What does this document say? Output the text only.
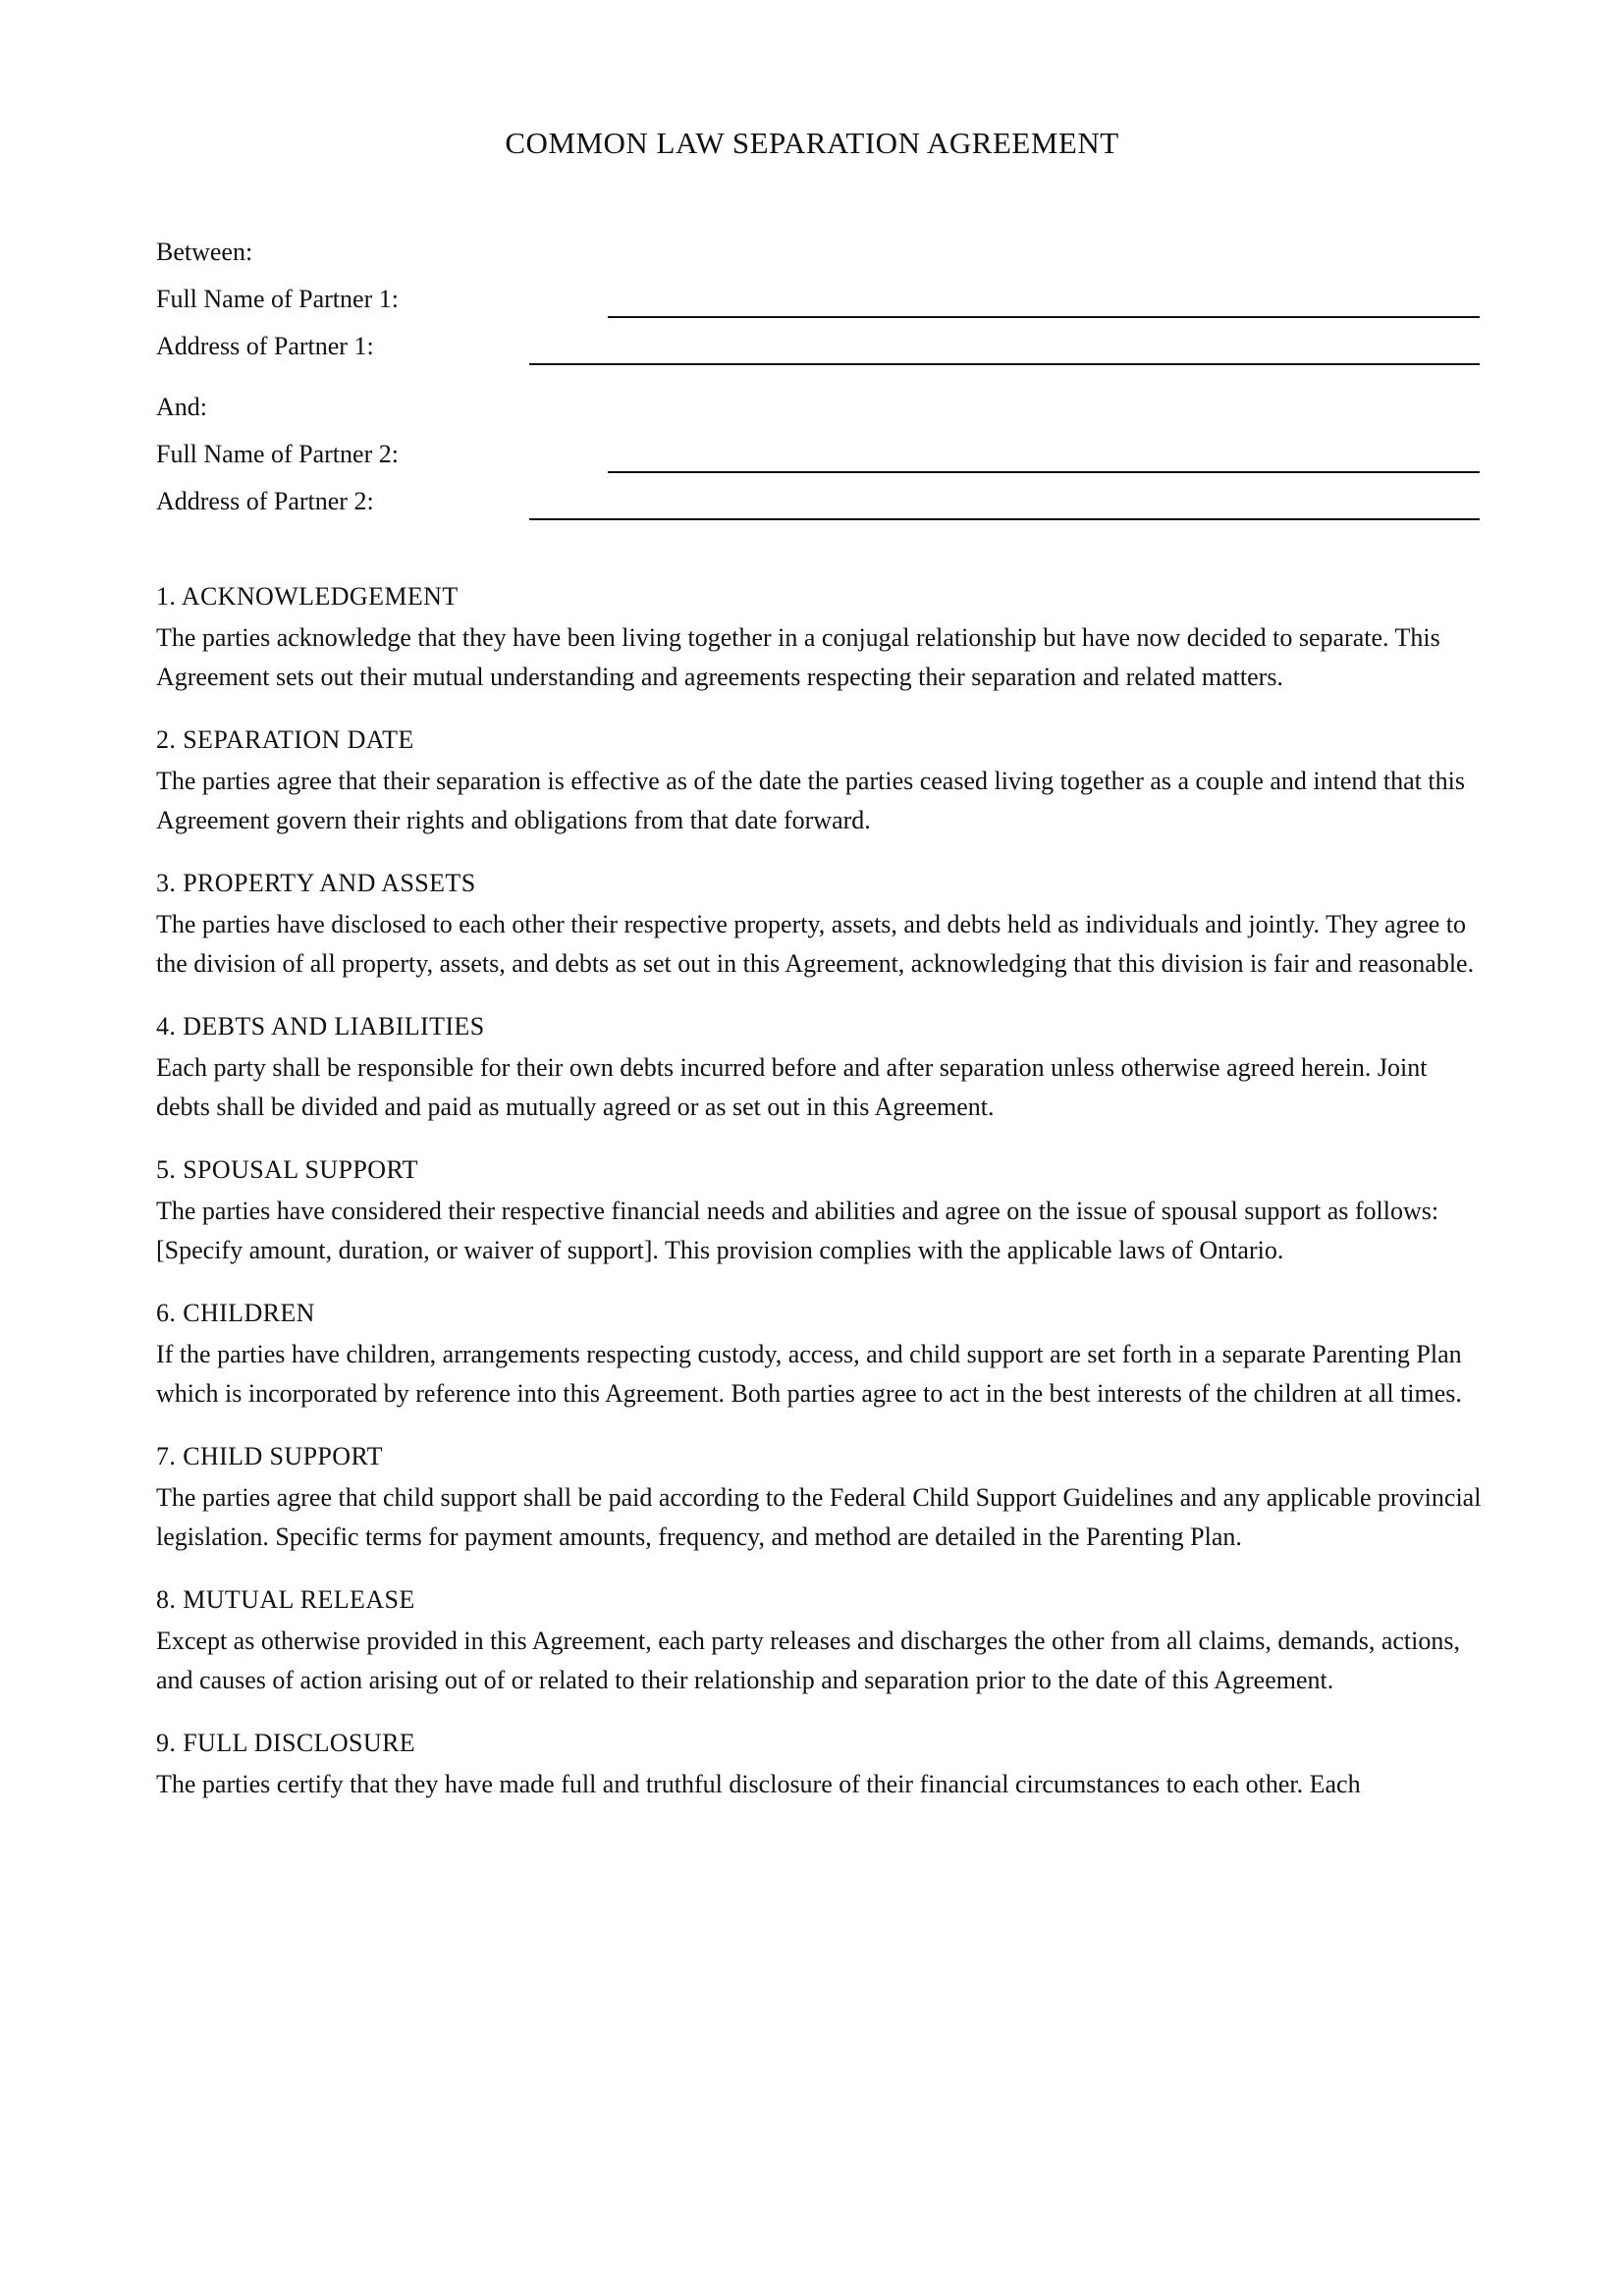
COMMON LAW SEPARATION AGREEMENT
Between:
Full Name of Partner 1:
Address of Partner 1:
And:
Full Name of Partner 2:
Address of Partner 2:
1. ACKNOWLEDGEMENT

The parties acknowledge that they have been living together in a conjugal relationship but have now decided to separate. This Agreement sets out their mutual understanding and agreements respecting their separation and related matters.

2. SEPARATION DATE

The parties agree that their separation is effective as of the date the parties ceased living together as a couple and intend that this Agreement govern their rights and obligations from that date forward.

3. PROPERTY AND ASSETS

The parties have disclosed to each other their respective property, assets, and debts held as individuals and jointly. They agree to the division of all property, assets, and debts as set out in this Agreement, acknowledging that this division is fair and reasonable.

4. DEBTS AND LIABILITIES

Each party shall be responsible for their own debts incurred before and after separation unless otherwise agreed herein. Joint debts shall be divided and paid as mutually agreed or as set out in this Agreement.

5. SPOUSAL SUPPORT

The parties have considered their respective financial needs and abilities and agree on the issue of spousal support as follows: [Specify amount, duration, or waiver of support]. This provision complies with the applicable laws of Ontario.

6. CHILDREN

If the parties have children, arrangements respecting custody, access, and child support are set forth in a separate Parenting Plan which is incorporated by reference into this Agreement. Both parties agree to act in the best interests of the children at all times.

7. CHILD SUPPORT

The parties agree that child support shall be paid according to the Federal Child Support Guidelines and any applicable provincial legislation. Specific terms for payment amounts, frequency, and method are detailed in the Parenting Plan.

8. MUTUAL RELEASE

Except as otherwise provided in this Agreement, each party releases and discharges the other from all claims, demands, actions, and causes of action arising out of or related to their relationship and separation prior to the date of this Agreement.

9. FULL DISCLOSURE

The parties certify that they have made full and truthful disclosure of their financial circumstances to each other. Each
